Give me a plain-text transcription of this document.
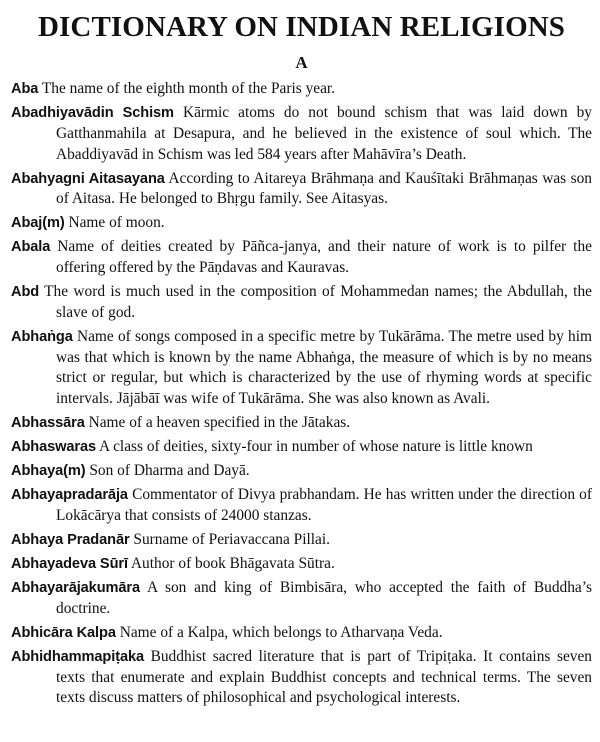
DICTIONARY ON INDIAN RELIGIONS
A
Aba The name of the eighth month of the Paris year.
Abadhiyavādin Schism Kārmic atoms do not bound schism that was laid down by Gatthanmahila at Desapura, and he believed in the existence of soul which. The Abaddiyavād in Schism was led 584 years after Mahāvīra’s Death.
Abahyagni Aitasayana According to Aitareya Brāhmaṇa and Kauśītaki Brāhmaṇas was son of Aitasa. He belonged to Bhṛgu family. See Aitasyas.
Abaj(m) Name of moon.
Abala Name of deities created by Pāñca-janya, and their nature of work is to pilfer the offering offered by the Pāṇdavas and Kauravas.
Abd The word is much used in the composition of Mohammedan names; the Abdullah, the slave of god.
Abhaṅga Name of songs composed in a specific metre by Tukārāma. The metre used by him was that which is known by the name Abhaṅga, the measure of which is by no means strict or regular, but which is characterized by the use of rhyming words at specific intervals. Jājābāī was wife of Tukārāma. She was also known as Avali.
Abhassāra Name of a heaven specified in the Jātakas.
Abhaswaras A class of deities, sixty-four in number of whose nature is little known
Abhaya(m) Son of Dharma and Dayā.
Abhayapradarāja Commentator of Divya prabhandam. He has written under the direction of Lokācārya that consists of 24000 stanzas.
Abhaya Pradanār Surname of Periavaccana Pillai.
Abhayadeva Sūrī Author of book Bhāgavata Sūtra.
Abhayarājakumāra A son and king of Bimbisāra, who accepted the faith of Buddha’s doctrine.
Abhicāra Kalpa Name of a Kalpa, which belongs to Atharvaṇa Veda.
Abhidhammapiṭaka Buddhist sacred literature that is part of Tripiṭaka. It contains seven texts that enumerate and explain Buddhist concepts and technical terms. The seven texts discuss matters of philosophical and psychological interests.
